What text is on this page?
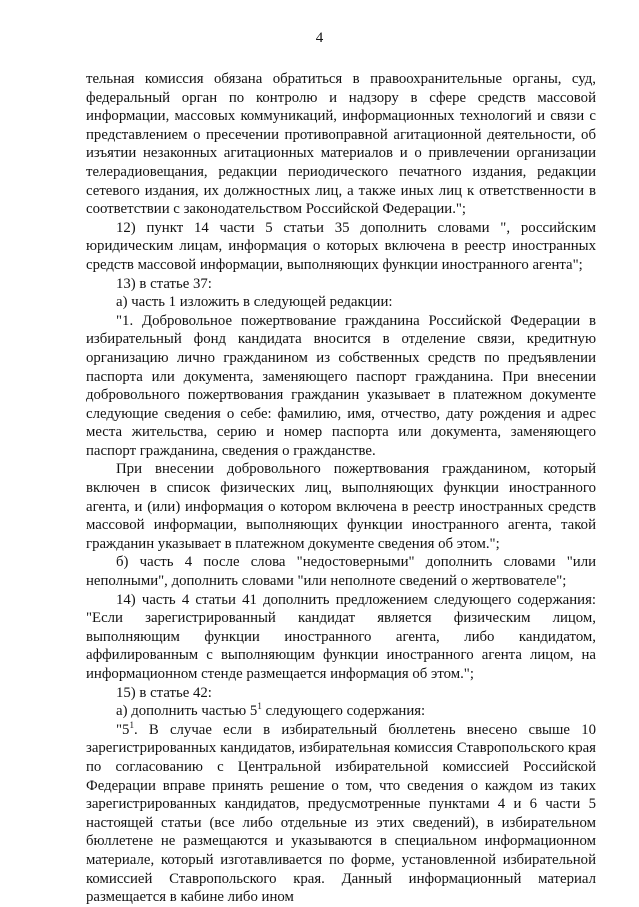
4

тельная комиссия обязана обратиться в правоохранительные органы, суд, федеральный орган по контролю и надзору в сфере средств массовой информации, массовых коммуникаций, информационных технологий и связи с представлением о пресечении противоправной агитационной деятельности, об изъятии незаконных агитационных материалов и о привлечении организации телерадиовещания, редакции периодического печатного издания, редакции сетевого издания, их должностных лиц, а также иных лиц к ответственности в соответствии с законодательством Российской Федерации.";

12) пункт 14 части 5 статьи 35 дополнить словами ", российским юридическим лицам, информация о которых включена в реестр иностранных средств массовой информации, выполняющих функции иностранного агента";

13) в статье 37:

а) часть 1 изложить в следующей редакции:

"1. Добровольное пожертвование гражданина Российской Федерации в избирательный фонд кандидата вносится в отделение связи, кредитную организацию лично гражданином из собственных средств по предъявлении паспорта или документа, заменяющего паспорт гражданина. При внесении добровольного пожертвования гражданин указывает в платежном документе следующие сведения о себе: фамилию, имя, отчество, дату рождения и адрес места жительства, серию и номер паспорта или документа, заменяющего паспорт гражданина, сведения о гражданстве.

При внесении добровольного пожертвования гражданином, который включен в список физических лиц, выполняющих функции иностранного агента, и (или) информация о котором включена в реестр иностранных средств массовой информации, выполняющих функции иностранного агента, такой гражданин указывает в платежном документе сведения об этом.";

б) часть 4 после слова "недостоверными" дополнить словами "или неполными", дополнить словами "или неполноте сведений о жертвователе";

14) часть 4 статьи 41 дополнить предложением следующего содержания: "Если зарегистрированный кандидат является физическим лицом, выполняющим функции иностранного агента, либо кандидатом, аффилированным с выполняющим функции иностранного агента лицом, на информационном стенде размещается информация об этом.";

15) в статье 42:

а) дополнить частью $5^1$ следующего содержания:

"$5^1$. В случае если в избирательный бюллетень внесено свыше 10 зарегистрированных кандидатов, избирательная комиссия Ставропольского края по согласованию с Центральной избирательной комиссией Российской Федерации вправе принять решение о том, что сведения о каждом из таких зарегистрированных кандидатов, предусмотренные пунктами 4 и 6 части 5 настоящей статьи (все либо отдельные из этих сведений), в избирательном бюллетене не размещаются и указываются в специальном информационном материале, который изготавливается по форме, установленной избирательной комиссией Ставропольского края. Данный информационный материал размещается в кабине либо ином
